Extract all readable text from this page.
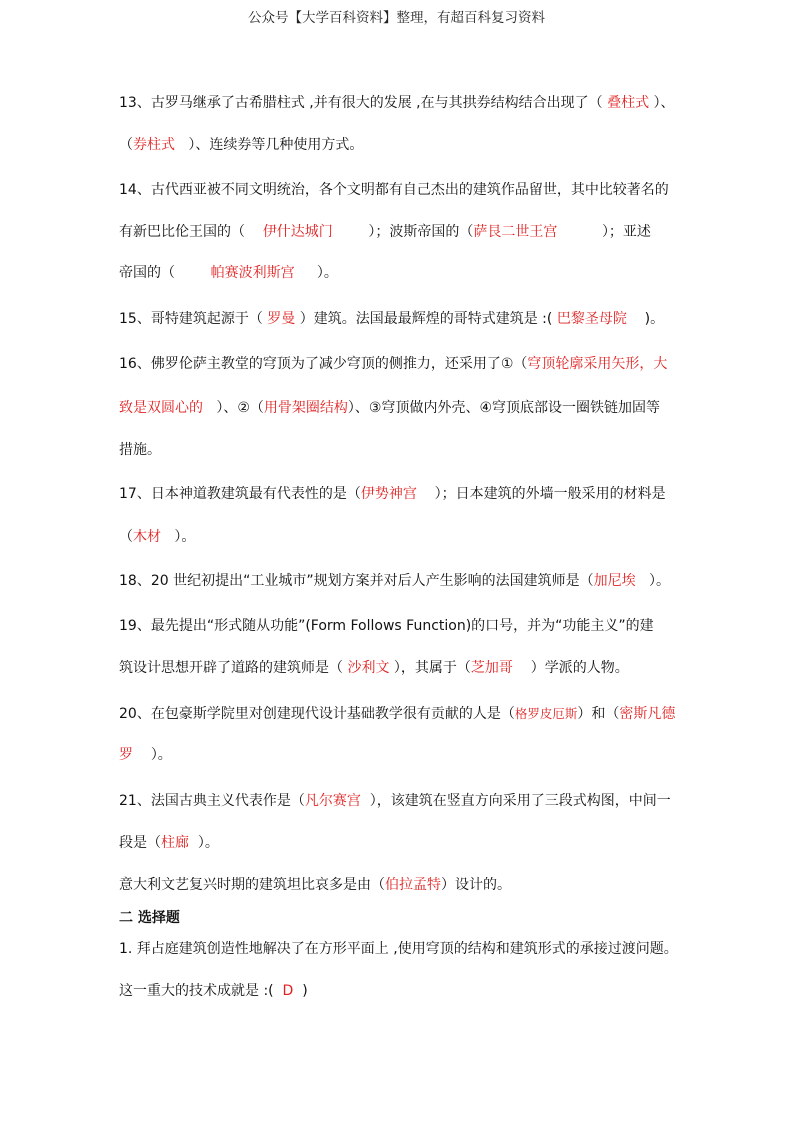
公众号【大学百科资料】整理，有超百科复习资料
13、古罗马继承了古希腊柱式 ,并有很大的发展 ,在与其拱券结构结合出现了（ 叠柱式 ）、
（券柱式 ）、连续券等几种使用方式。
14、古代西亚被不同文明统治，各个文明都有自己杰出的建筑作品留世，其中比较著名的
有新巴比伦王国的（ 伊什达城门	）；波斯帝国的（萨艮二世王宫	）；亚述
帝国的（	帕赛波利斯宫 ）。
15、哥特建筑起源于（ 罗曼 ）建筑。法国最最辉煌的哥特式建筑是 :( 巴黎圣母院 )。
16、佛罗伦萨主教堂的穹顶为了减少穹顶的侧推力，还采用了①（穹顶轮廓采用矢形，大
致是双圆心的 ）、②（用骨架圈结构）、③穹顶做内外壳、④穹顶底部设一圈铁链加固等
措施。
17、日本神道教建筑最有代表性的是（伊势神宫 ）；日本建筑的外墙一般采用的材料是
（木材 ）。
18、20 世纪初提出“工业城市”规划方案并对后人产生影响的法国建筑师是（加尼埃 ）。
19、最先提出“形式随从功能”(Form Follows Function)的口号，并为“功能主义”的建
筑设计思想开辟了道路的建筑师是（ 沙利文 ），其属于（芝加哥 ）学派的人物。
20、在包豪斯学院里对创建现代设计基础教学很有贡献的人是（格罗皮厄斯）和（密斯凡德
罗 ）。
21、法国古典主义代表作是（凡尔赛宫 ），该建筑在竖直方向采用了三段式构图，中间一
段是（柱廊 ）。
意大利文艺复兴时期的建筑坦比哀多是由（伯拉孟特）设计的。
二 选择题
1. 拜占庭建筑创造性地解决了在方形平面上 ,使用穹顶的结构和建筑形式的承接过渡问题。
这一重大的技术成就是 :( D )
